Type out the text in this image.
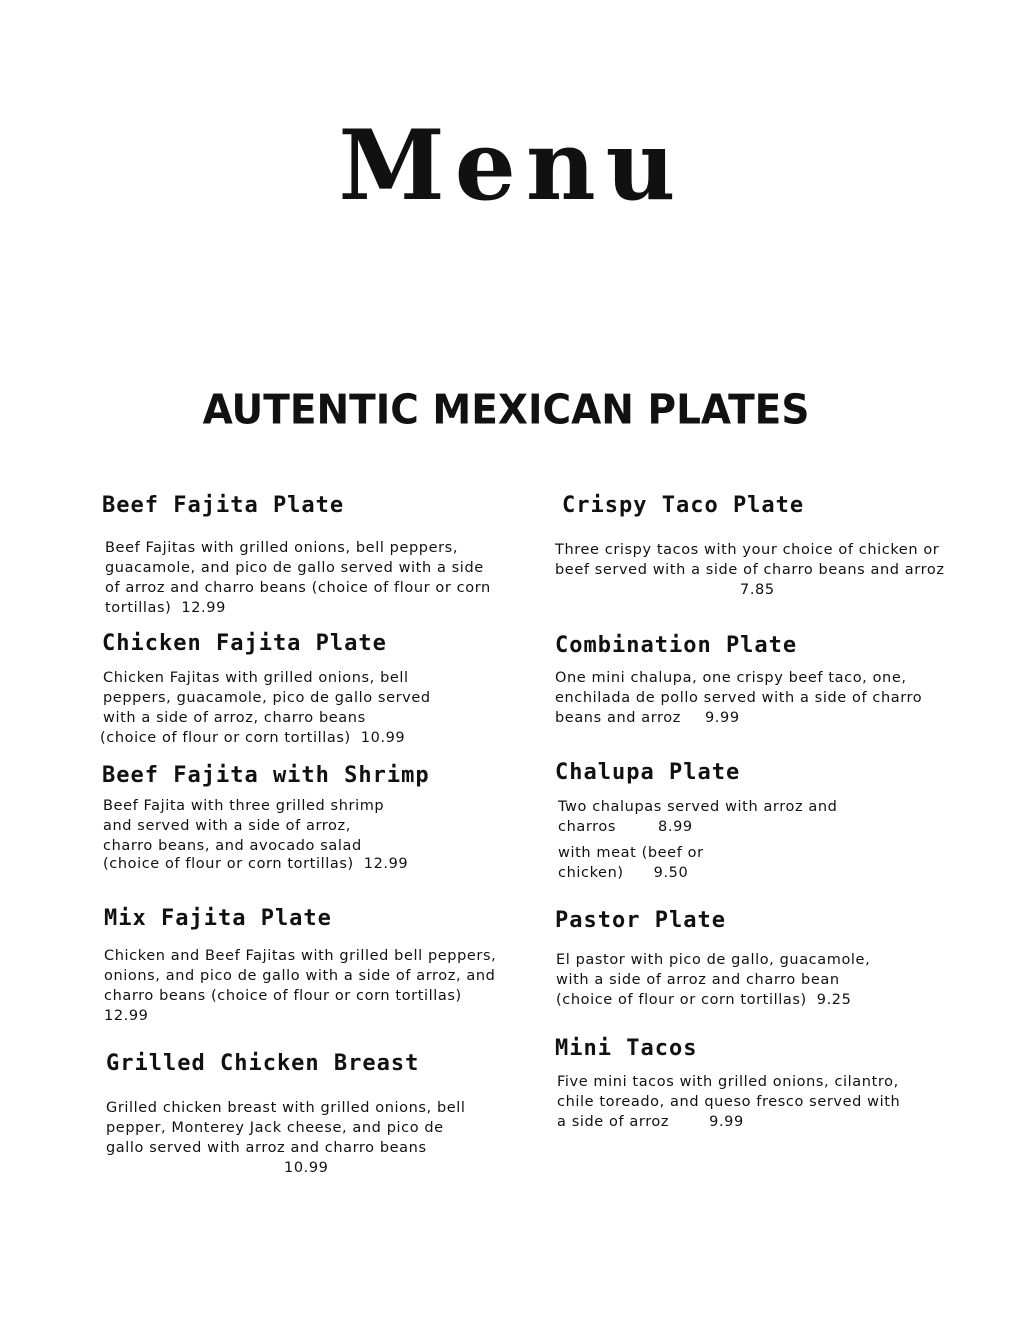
Menu
AUTENTIC MEXICAN PLATES
Beef Fajita Plate
Beef Fajitas with grilled onions, bell peppers,
guacamole, and pico de gallo served with a side
of arroz and charro beans (choice of flour or corn
tortillas) 12.99
Chicken Fajita Plate
Chicken Fajitas with grilled onions, bell
peppers, guacamole, pico de gallo served
with a side of arroz, charro beans
(choice of flour or corn tortillas) 10.99
Beef Fajita with Shrimp
Beef Fajita with three grilled shrimp
and served with a side of arroz,
charro beans, and avocado salad
(choice of flour or corn tortillas) 12.99
Mix Fajita Plate
Chicken and Beef Fajitas with grilled bell peppers,
onions, and pico de gallo with a side of arroz, and
charro beans (choice of flour or corn tortillas)
12.99
Grilled Chicken Breast
Grilled chicken breast with grilled onions, bell
pepper, Monterey Jack cheese, and pico de
gallo served with arroz and charro beans
10.99
Crispy Taco Plate
Three crispy tacos with your choice of chicken or
beef served with a side of charro beans and arroz
7.85
Combination Plate
One mini chalupa, one crispy beef taco, one,
enchilada de pollo served with a side of charro
beans and arroz 9.99
Chalupa Plate
Two chalupas served with arroz and
charros	8.99
with meat (beef or
chicken) 9.50
Pastor Plate
El pastor with pico de gallo, guacamole,
with a side of arroz and charro bean
(choice of flour or corn tortillas) 9.25
Mini Tacos
Five mini tacos with grilled onions, cilantro,
chile toreado, and queso fresco served with
a side of arroz	9.99
